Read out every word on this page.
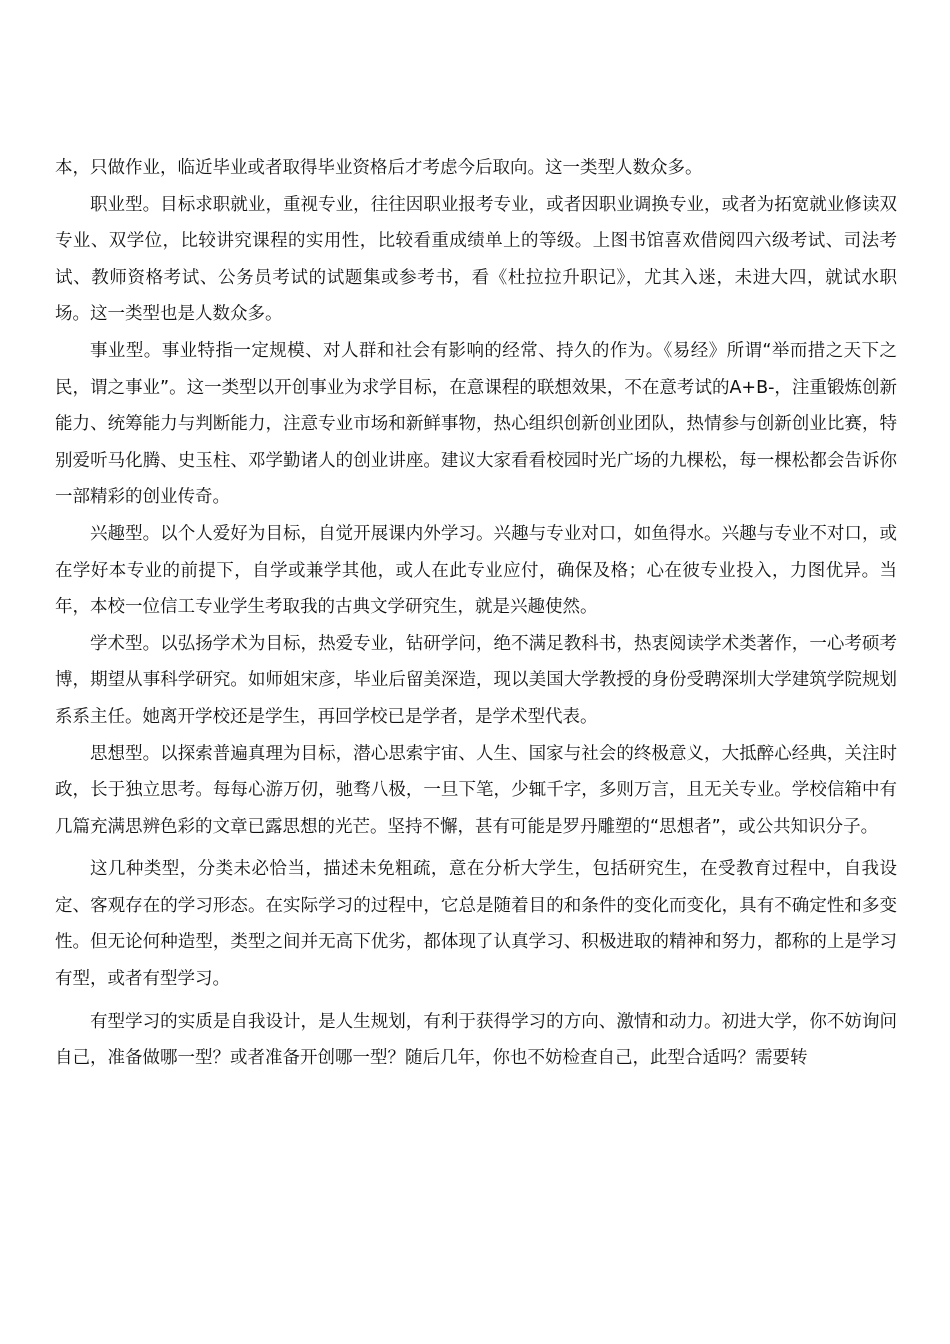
本，只做作业，临近毕业或者取得毕业资格后才考虑今后取向。这一类型人数众多。

职业型。目标求职就业，重视专业，往往因职业报考专业，或者因职业调换专业，或者为拓宽就业修读双专业、双学位，比较讲究课程的实用性，比较看重成绩单上的等级。上图书馆喜欢借阅四六级考试、司法考试、教师资格考试、公务员考试的试题集或参考书，看《杜拉拉升职记》，尤其入迷，未进大四，就试水职场。这一类型也是人数众多。

事业型。事业特指一定规模、对人群和社会有影响的经常、持久的作为。《易经》所谓“举而措之天下之民，谓之事业”。这一类型以开创事业为求学目标，在意课程的联想效果，不在意考试的A+B-，注重锻炼创新能力、统筹能力与判断能力，注意专业市场和新鲜事物，热心组织创新创业团队，热情参与创新创业比赛，特别爱听马化腾、史玉柱、邓学勤诸人的创业讲座。建议大家看看校园时光广场的九棵松，每一棵松都会告诉你一部精彩的创业传奇。

兴趣型。以个人爱好为目标，自觉开展课内外学习。兴趣与专业对口，如鱼得水。兴趣与专业不对口，或在学好本专业的前提下，自学或兼学其他，或人在此专业应付，确保及格；心在彼专业投入，力图优异。当年，本校一位信工专业学生考取我的古典文学研究生，就是兴趣使然。

学术型。以弘扬学术为目标，热爱专业，钻研学问，绝不满足教科书，热衷阅读学术类著作，一心考硕考博，期望从事科学研究。如师姐宋彦，毕业后留美深造，现以美国大学教授的身份受聘深圳大学建筑学院规划系系主任。她离开学校还是学生，再回学校已是学者，是学术型代表。

思想型。以探索普遍真理为目标，潜心思索宇宙、人生、国家与社会的终极意义，大抵醉心经典，关注时政，长于独立思考。每每心游万仞，驰骛八极，一旦下笔，少辄千字，多则万言，且无关专业。学校信箱中有几篇充满思辨色彩的文章已露思想的光芒。坚持不懈，甚有可能是罗丹雕塑的“思想者”，或公共知识分子。

这几种类型，分类未必恰当，描述未免粗疏，意在分析大学生，包括研究生，在受教育过程中，自我设定、客观存在的学习形态。在实际学习的过程中，它总是随着目的和条件的变化而变化，具有不确定性和多变性。但无论何种造型，类型之间并无高下优劣，都体现了认真学习、积极进取的精神和努力，都称的上是学习有型，或者有型学习。

有型学习的实质是自我设计，是人生规划，有利于获得学习的方向、激情和动力。初进大学，你不妨询问自己，准备做哪一型？或者准备开创哪一型？随后几年，你也不妨检查自己，此型合适吗？需要转
